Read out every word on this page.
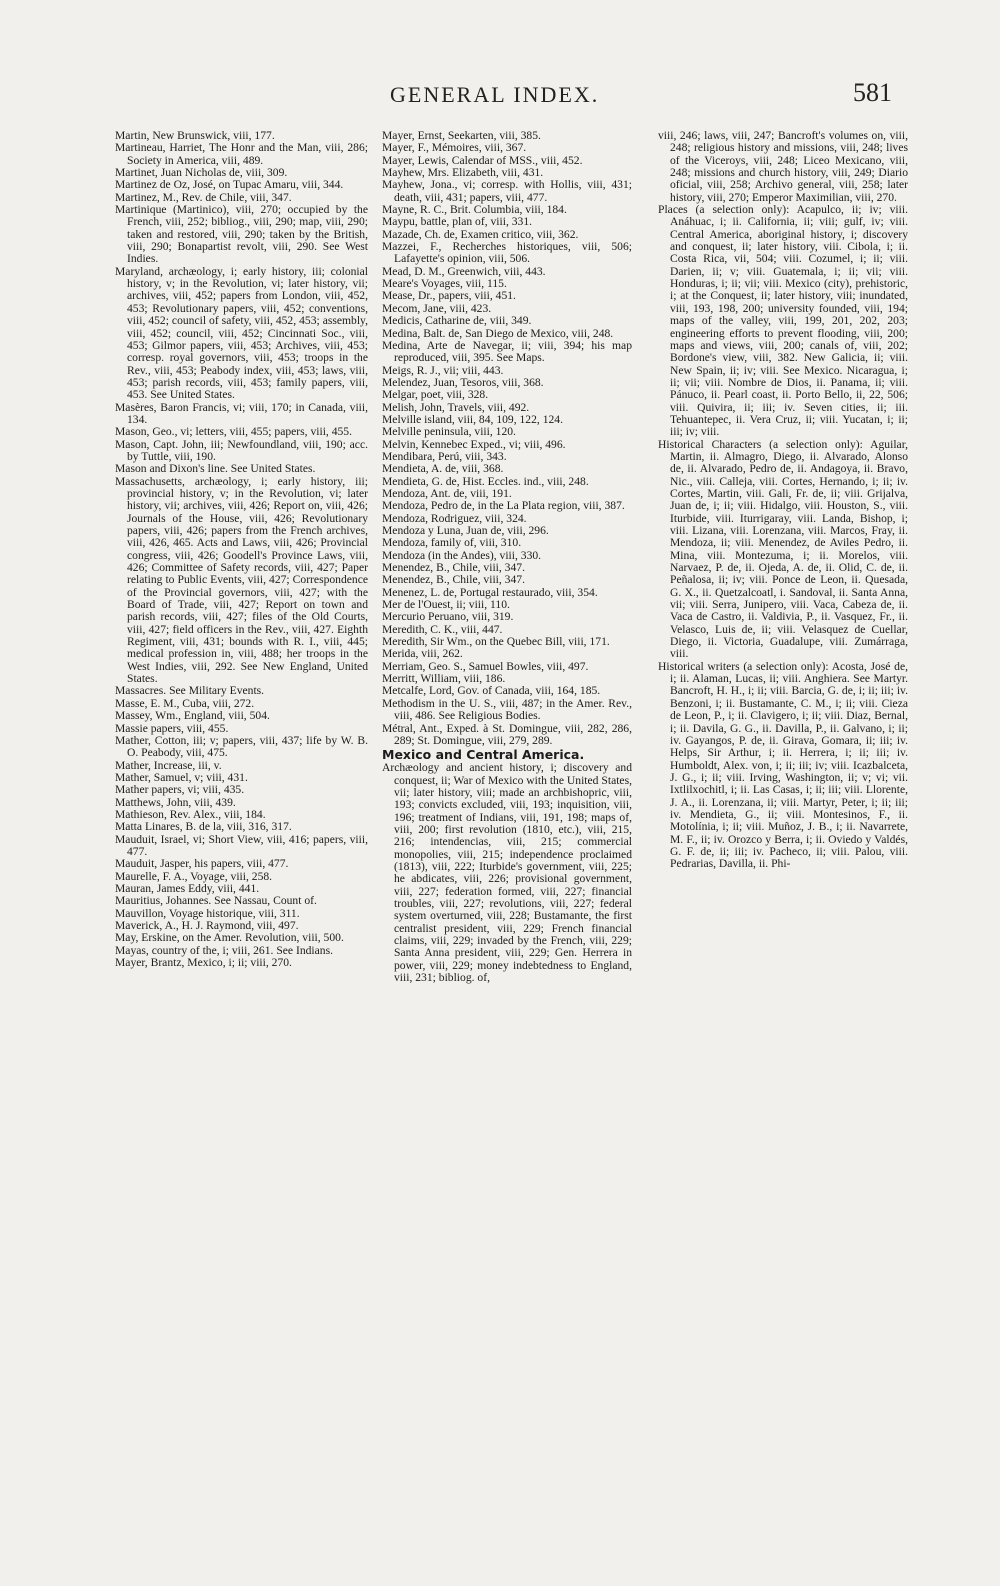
GENERAL INDEX.	581

Martin, New Brunswick, viii, 177.

Martineau, Harriet, The Honr and the Man, viii, 286; Society in America, viii, 489.

Martinet, Juan Nicholas de, viii, 309.

Martinez de Oz, José, on Tupac Amaru, viii, 344.

Martinez, M., Rev. de Chile, viii, 347.

Martinique (Martinico), viii, 270; occupied by the French, viii, 252; bibliog., viii, 290; map, viii, 290; taken and restored, viii, 290; taken by the British, viii, 290; Bonapartist revolt, viii, 290. See West Indies.

Maryland, archæology, i; early history, iii; colonial history, v; in the Revolution, vi; later history, vii; archives, viii, 452; papers from London, viii, 452, 453; Revolutionary papers, viii, 452; conventions, viii, 452; council of safety, viii, 452, 453; assembly, viii, 452; council, viii, 452; Cincinnati Soc., viii, 453; Gilmor papers, viii, 453; Archives, viii, 453; corresp. royal governors, viii, 453; troops in the Rev., viii, 453; Peabody index, viii, 453; laws, viii, 453; parish records, viii, 453; family papers, viii, 453. See United States.

Masères, Baron Francis, vi; viii, 170; in Canada, viii, 134.

Mason, Geo., vi; letters, viii, 455; papers, viii, 455.

Mason, Capt. John, iii; Newfoundland, viii, 190; acc. by Tuttle, viii, 190.

Mason and Dixon's line. See United States.

Massachusetts, archæology, i; early history, iii; provincial history, v; in the Revolution, vi; later history, vii; archives, viii, 426; Report on, viii, 426; Journals of the House, viii, 426; Revolutionary papers, viii, 426; papers from the French archives, viii, 426, 465. Acts and Laws, viii, 426; Provincial congress, viii, 426; Goodell's Province Laws, viii, 426; Committee of Safety records, viii, 427; Paper relating to Public Events, viii, 427; Correspondence of the Provincial governors, viii, 427; with the Board of Trade, viii, 427; Report on town and parish records, viii, 427; files of the Old Courts, viii, 427; field officers in the Rev., viii, 427. Eighth Regiment, viii, 431; bounds with R. I., viii, 445; medical profession in, viii, 488; her troops in the West Indies, viii, 292. See New England, United States.

Massacres. See Military Events.

Masse, E. M., Cuba, viii, 272.

Massey, Wm., England, viii, 504.

Massie papers, viii, 455.

Mather, Cotton, iii; v; papers, viii, 437; life by W. B. O. Peabody, viii, 475.

Mather, Increase, iii, v.

Mather, Samuel, v; viii, 431.

Mather papers, vi; viii, 435.

Matthews, John, viii, 439.

Mathieson, Rev. Alex., viii, 184.

Matta Linares, B. de la, viii, 316, 317.

Mauduit, Israel, vi; Short View, viii, 416; papers, viii, 477.

Mauduit, Jasper, his papers, viii, 477.

Maurelle, F. A., Voyage, viii, 258.

Mauran, James Eddy, viii, 441.

Mauritius, Johannes. See Nassau, Count of.

Mauvillon, Voyage historique, viii, 311.

Maverick, A., H. J. Raymond, viii, 497.

May, Erskine, on the Amer. Revolution, viii, 500.

Mayas, country of the, i; viii, 261. See Indians.

Mayer, Brantz, Mexico, i; ii; viii, 270.

Mayer, Ernst, Seekarten, viii, 385.

Mayer, F., Mémoires, viii, 367.

Mayer, Lewis, Calendar of MSS., viii, 452.

Mayhew, Mrs. Elizabeth, viii, 431.

Mayhew, Jona., vi; corresp. with Hollis, viii, 431; death, viii, 431; papers, viii, 477.

Mayne, R. C., Brit. Columbia, viii, 184.

Maypu, battle, plan of, viii, 331.

Mazade, Ch. de, Examen critico, viii, 362.

Mazzei, F., Recherches historiques, viii, 506; Lafayette's opinion, viii, 506.

Mead, D. M., Greenwich, viii, 443.

Meare's Voyages, viii, 115.

Mease, Dr., papers, viii, 451.

Mecom, Jane, viii, 423.

Medicis, Catharine de, viii, 349.

Medina, Balt. de, San Diego de Mexico, viii, 248.

Medina, Arte de Navegar, ii; viii, 394; his map reproduced, viii, 395. See Maps.

Meigs, R. J., vii; viii, 443.

Melendez, Juan, Tesoros, viii, 368.

Melgar, poet, viii, 328.

Melish, John, Travels, viii, 492.

Melville island, viii, 84, 109, 122, 124.

Melville peninsula, viii, 120.

Melvin, Kennebec Exped., vi; viii, 496.

Mendibara, Perú, viii, 343.

Mendieta, A. de, viii, 368.

Mendieta, G. de, Hist. Eccles. ind., viii, 248.

Mendoza, Ant. de, viii, 191.

Mendoza, Pedro de, in the La Plata region, viii, 387.

Mendoza, Rodriguez, viii, 324.

Mendoza y Luna, Juan de, viii, 296.

Mendoza, family of, viii, 310.

Mendoza (in the Andes), viii, 330.

Menendez, B., Chile, viii, 347.

Menendez, B., Chile, viii, 347.

Menenez, L. de, Portugal restaurado, viii, 354.

Mer de l'Ouest, ii; viii, 110.

Mercurio Peruano, viii, 319.

Meredith, C. K., viii, 447.

Meredith, Sir Wm., on the Quebec Bill, viii, 171.

Merida, viii, 262.

Merriam, Geo. S., Samuel Bowles, viii, 497.

Merritt, William, viii, 186.

Metcalfe, Lord, Gov. of Canada, viii, 164, 185.

Methodism in the U. S., viii, 487; in the Amer. Rev., viii, 486. See Religious Bodies.

Métral, Ant., Exped. à St. Domingue, viii, 282, 286, 289; St. Domingue, viii, 279, 289.

Mexico and Central America.

Archæology and ancient history, i; discovery and conquest, ii; War of Mexico with the United States, vii; later history, viii; made an archbishopric, viii, 193; convicts excluded, viii, 193; inquisition, viii, 196; treatment of Indians, viii, 191, 198; maps of, viii, 200; first revolution (1810, etc.), viii, 215, 216; intendencias, viii, 215; commercial monopolies, viii, 215; independence proclaimed (1813), viii, 222; Iturbide's government, viii, 225; he abdicates, viii, 226; provisional government, viii, 227; federation formed, viii, 227; financial troubles, viii, 227; revolutions, viii, 227; federal system overturned, viii, 228; Bustamante, the first centralist president, viii, 229; French financial claims, viii, 229; invaded by the French, viii, 229; Santa Anna president, viii, 229; Gen. Herrera in power, viii, 229; money indebtedness to England, viii, 231; bibliog. of,

viii, 246; laws, viii, 247; Bancroft's volumes on, viii, 248; religious history and missions, viii, 248; lives of the Viceroys, viii, 248; Liceo Mexicano, viii, 248; missions and church history, viii, 249; Diario oficial, viii, 258; Archivo general, viii, 258; later history, viii, 270; Emperor Maximilian, viii, 270.

Places (a selection only): Acapulco, ii; iv; viii. Anáhuac, i; ii. California, ii; viii; gulf, iv; viii. Central America, aboriginal history, i; discovery and conquest, ii; later history, viii. Cibola, i; ii. Costa Rica, vii, 504; viii. Cozumel, i; ii; viii. Darien, ii; v; viii. Guatemala, i; ii; vii; viii. Honduras, i; ii; vii; viii. Mexico (city), prehistoric, i; at the Conquest, ii; later history, viii; inundated, viii, 193, 198, 200; university founded, viii, 194; maps of the valley, viii, 199, 201, 202, 203; engineering efforts to prevent flooding, viii, 200; maps and views, viii, 200; canals of, viii, 202; Bordone's view, viii, 382. New Galicia, ii; viii. New Spain, ii; iv; viii. See Mexico. Nicaragua, i; ii; vii; viii. Nombre de Dios, ii. Panama, ii; viii. Pánuco, ii. Pearl coast, ii. Porto Bello, ii, 22, 506; viii. Quivira, ii; iii; iv. Seven cities, ii; iii. Tehuantepec, ii. Vera Cruz, ii; viii. Yucatan, i; ii; iii; iv; viii.

Historical Characters (a selection only): Aguilar, Martin, ii. Almagro, Diego, ii. Alvarado, Alonso de, ii. Alvarado, Pedro de, ii. Andagoya, ii. Bravo, Nic., viii. Calleja, viii. Cortes, Hernando, i; ii; iv. Cortes, Martin, viii. Gali, Fr. de, ii; viii. Grijalva, Juan de, i; ii; viii. Hidalgo, viii. Houston, S., viii. Iturbide, viii. Iturrigaray, viii. Landa, Bishop, i; viii. Lizana, viii. Lorenzana, viii. Marcos, Fray, ii. Mendoza, ii; viii. Menendez, de Aviles Pedro, ii. Mina, viii. Montezuma, i; ii. Morelos, viii. Narvaez, P. de, ii. Ojeda, A. de, ii. Olid, C. de, ii. Peñalosa, ii; iv; viii. Ponce de Leon, ii. Quesada, G. X., ii. Quetzalcoatl, i. Sandoval, ii. Santa Anna, vii; viii. Serra, Junipero, viii. Vaca, Cabeza de, ii. Vaca de Castro, ii. Valdivia, P., ii. Vasquez, Fr., ii. Velasco, Luis de, ii; viii. Velasquez de Cuellar, Diego, ii. Victoria, Guadalupe, viii. Zumárraga, viii.

Historical writers (a selection only): Acosta, José de, i; ii. Alaman, Lucas, ii; viii. Anghiera. See Martyr. Bancroft, H. H., i; ii; viii. Barcia, G. de, i; ii; iii; iv. Benzoni, i; ii. Bustamante, C. M., i; ii; viii. Cieza de Leon, P., i; ii. Clavigero, i; ii; viii. Diaz, Bernal, i; ii. Davila, G. G., ii. Davilla, P., ii. Galvano, i; ii; iv. Gayangos, P. de, ii. Girava, Gomara, ii; iii; iv. Helps, Sir Arthur, i; ii. Herrera, i; ii; iii; iv. Humboldt, Alex. von, i; ii; iii; iv; viii. Icazbalceta, J. G., i; ii; viii. Irving, Washington, ii; v; vi; vii. Ixtlilxochitl, i; ii. Las Casas, i; ii; iii; viii. Llorente, J. A., ii. Lorenzana, ii; viii. Martyr, Peter, i; ii; iii; iv. Mendieta, G., ii; viii. Montesinos, F., ii. Motolínia, i; ii; viii. Muñoz, J. B., i; ii. Navarrete, M. F., ii; iv. Orozco y Berra, i; ii. Oviedo y Valdés, G. F. de, ii; iii; iv. Pacheco, ii; viii. Palou, viii. Pedrarias, Davilla, ii. Phi-
